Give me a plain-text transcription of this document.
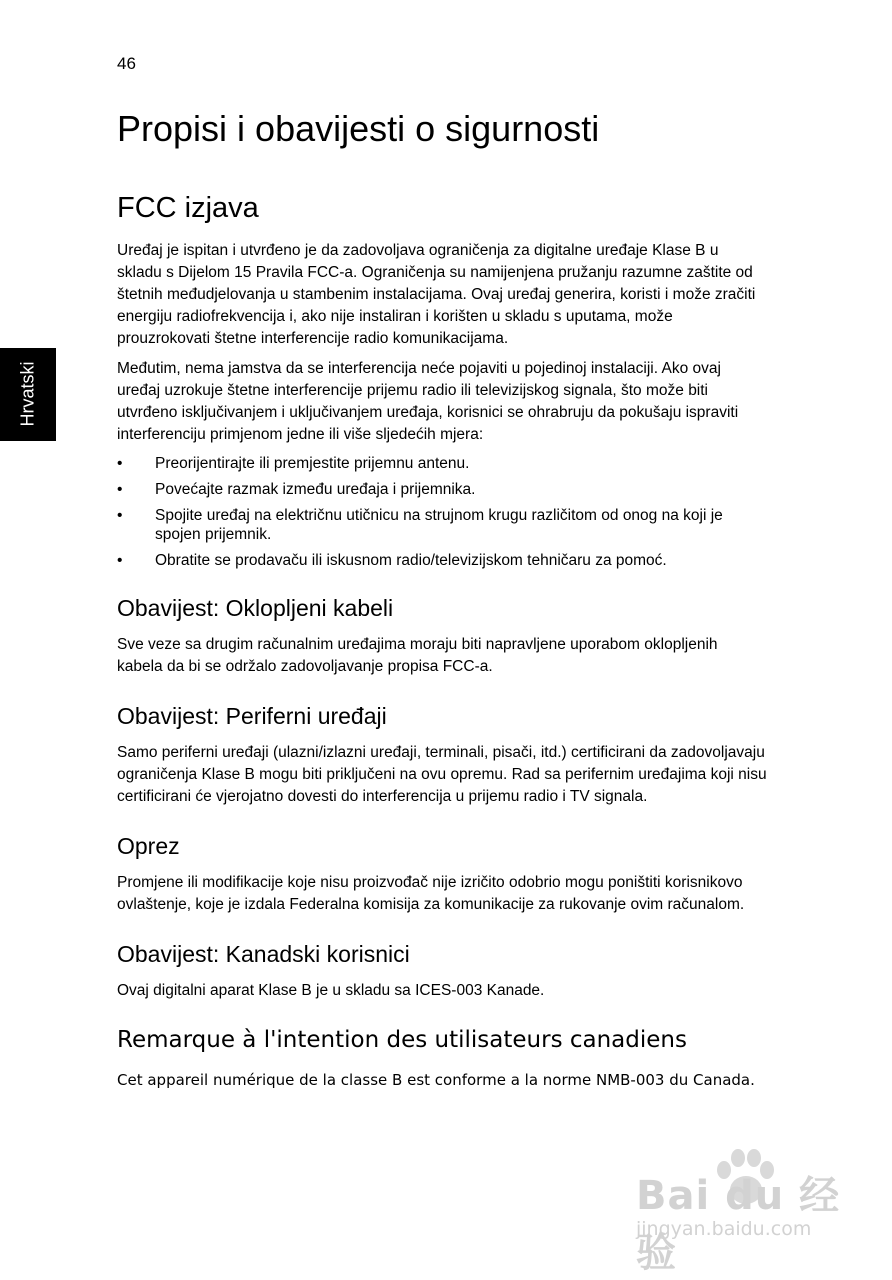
Hrvatski
46
Propisi i obavijesti o sigurnosti
FCC izjava

Uređaj je ispitan i utvrđeno je da zadovoljava ograničenja za digitalne uređaje Klase B u skladu s Dijelom 15 Pravila FCC-a. Ograničenja su namijenjena pružanju razumne zaštite od štetnih međudjelovanja u stambenim instalacijama. Ovaj uređaj generira, koristi i može zračiti energiju radiofrekvencija i, ako nije instaliran i korišten u skladu s uputama, može prouzrokovati štetne interferencije radio komunikacijama.

Međutim, nema jamstva da se interferencija neće pojaviti u pojedinoj instalaciji. Ako ovaj uređaj uzrokuje štetne interferencije prijemu radio ili televizijskog signala, što može biti utvrđeno isključivanjem i uključivanjem uređaja, korisnici se ohrabruju da pokušaju ispraviti interferenciju primjenom jedne ili više sljedećih mjera:

• Preorijentirajte ili premjestite prijemnu antenu.
• Povećajte razmak između uređaja i prijemnika.
• Spojite uređaj na električnu utičnicu na strujnom krugu različitom od onog na koji je spojen prijemnik.
• Obratite se prodavaču ili iskusnom radio/televizijskom tehničaru za pomoć.
Obavijest: Oklopljeni kabeli

Sve veze sa drugim računalnim uređajima moraju biti napravljene uporabom oklopljenih kabela da bi se održalo zadovoljavanje propisa FCC-a.

Obavijest: Periferni uređaji

Samo periferni uređaji (ulazni/izlazni uređaji, terminali, pisači, itd.) certificirani da zadovoljavaju ograničenja Klase B mogu biti priključeni na ovu opremu. Rad sa perifernim uređajima koji nisu certificirani će vjerojatno dovesti do interferencija u prijemu radio i TV signala.

Oprez

Promjene ili modifikacije koje nisu proizvođač nije izričito odobrio mogu poništiti korisnikovo ovlaštenje, koje je izdala Federalna komisija za komunikacije za rukovanje ovim računalom.

Obavijest: Kanadski korisnici

Ovaj digitalni aparat Klase B je u skladu sa ICES-003 Kanade.

Remarque à l'intention des utilisateurs canadiens

Cet appareil numérique de la classe B est conforme a la norme NMB-003 du Canada.

Bai du 经验
jingyan.baidu.com
